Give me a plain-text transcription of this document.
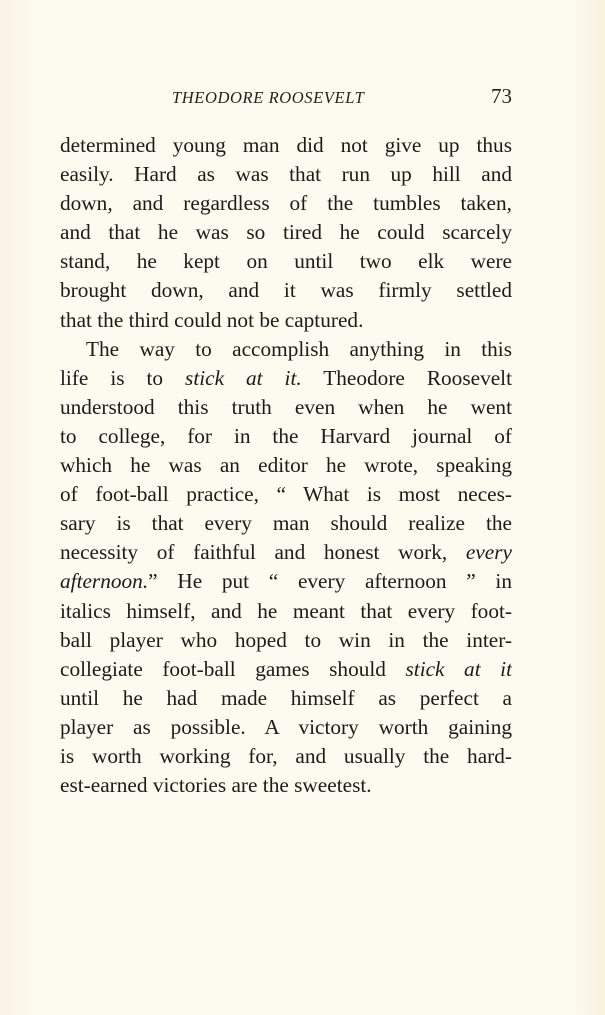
THEODORE ROOSEVELT	73
determined young man did not give up thus
easily. Hard as was that run up hill and
down, and regardless of the tumbles taken,
and that he was so tired he could scarcely
stand, he kept on until two elk were
brought down, and it was firmly settled
that the third could not be captured.
The way to accomplish anything in this
life is to stick at it. Theodore Roosevelt
understood this truth even when he went
to college, for in the Harvard journal of
which he was an editor he wrote, speaking
of foot-ball practice, “ What is most neces-
sary is that every man should realize the
necessity of faithful and honest work, every
afternoon.” He put “ every afternoon ” in
italics himself, and he meant that every foot-
ball player who hoped to win in the inter-
collegiate foot-ball games should stick at it
until he had made himself as perfect a
player as possible. A victory worth gaining
is worth working for, and usually the hard-
est-earned victories are the sweetest.
